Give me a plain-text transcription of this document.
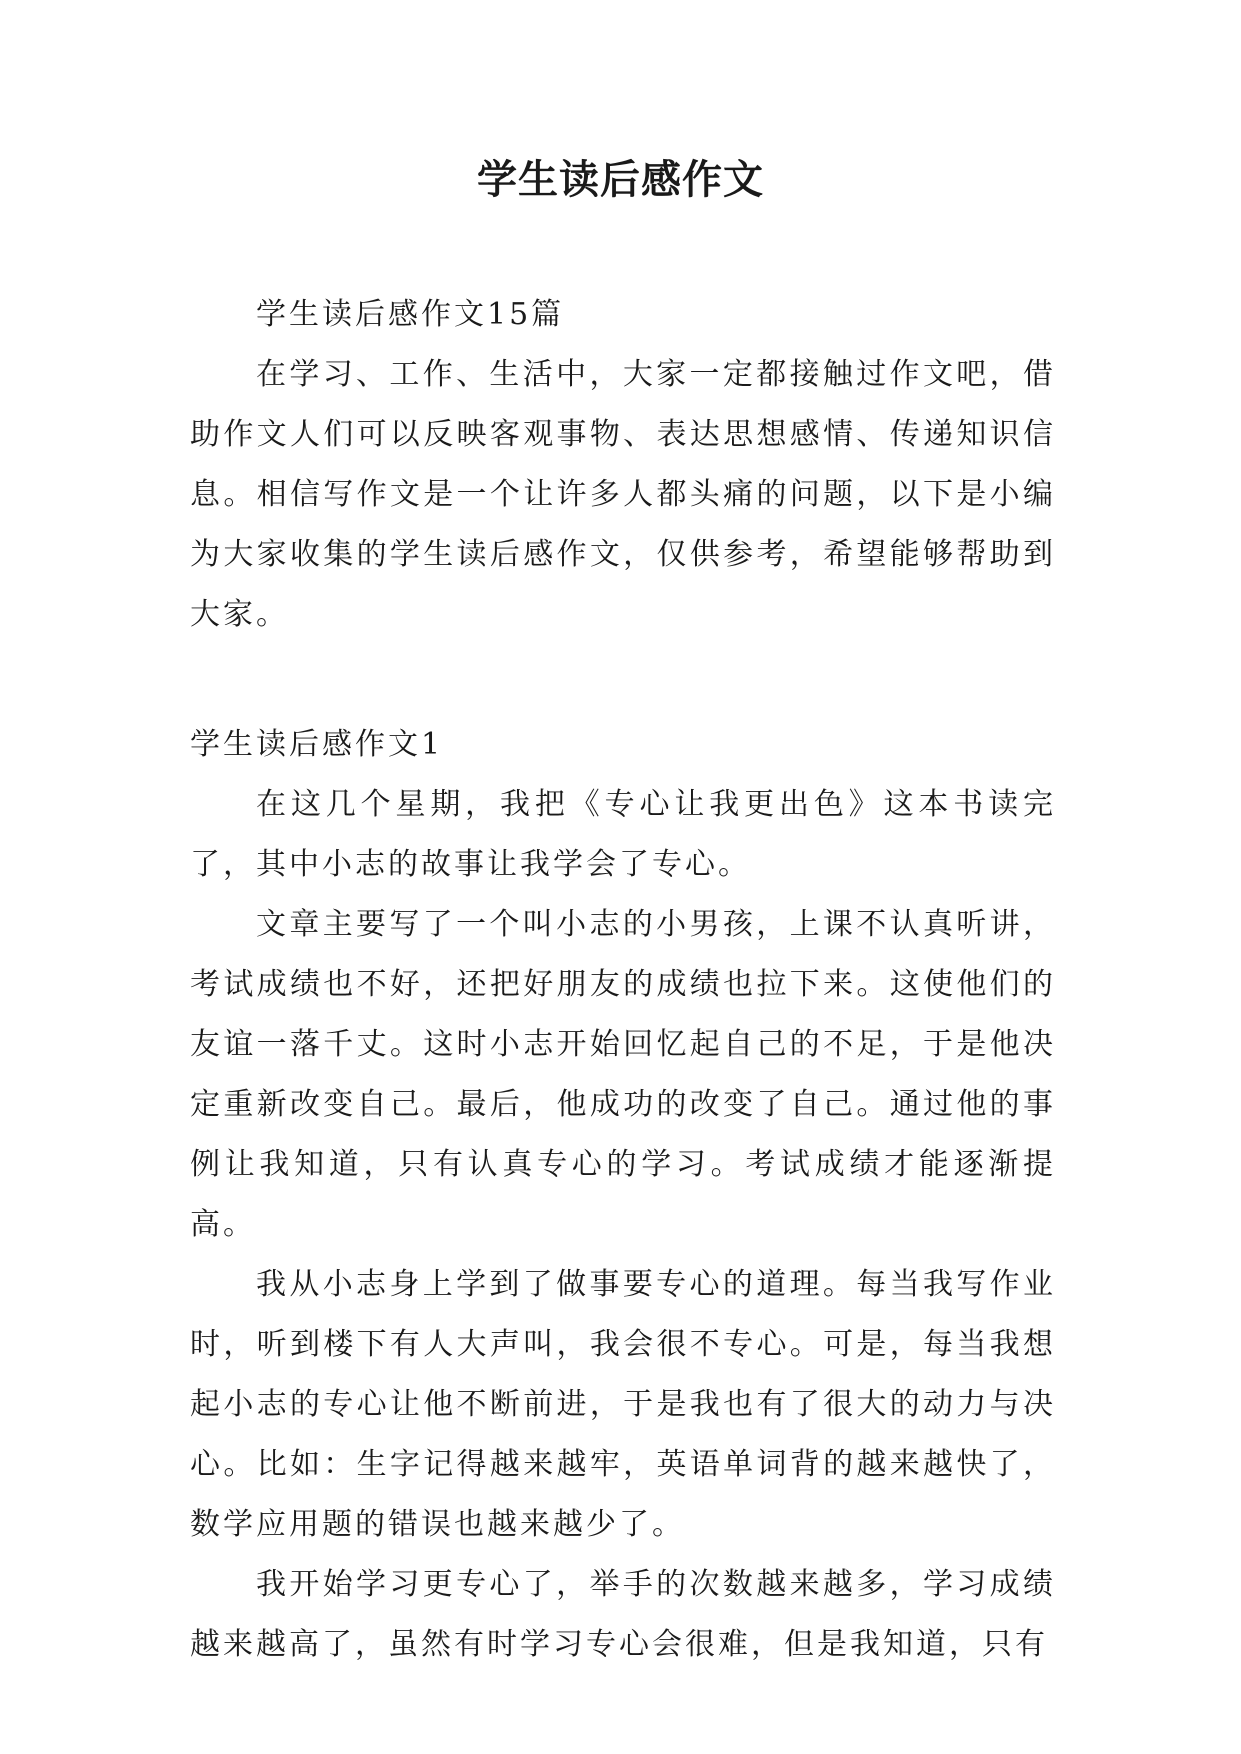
学生读后感作文

学生读后感作文15篇

在学习、工作、生活中，大家一定都接触过作文吧，借助作文人们可以反映客观事物、表达思想感情、传递知识信息。相信写作文是一个让许多人都头痛的问题，以下是小编为大家收集的学生读后感作文，仅供参考，希望能够帮助到大家。

学生读后感作文1

在这几个星期，我把《专心让我更出色》这本书读完了，其中小志的故事让我学会了专心。

文章主要写了一个叫小志的小男孩，上课不认真听讲，考试成绩也不好，还把好朋友的成绩也拉下来。这使他们的友谊一落千丈。这时小志开始回忆起自己的不足，于是他决定重新改变自己。最后，他成功的改变了自己。通过他的事例让我知道，只有认真专心的学习。考试成绩才能逐渐提高。

我从小志身上学到了做事要专心的道理。每当我写作业时，听到楼下有人大声叫，我会很不专心。可是，每当我想起小志的专心让他不断前进，于是我也有了很大的动力与决心。比如：生字记得越来越牢，英语单词背的越来越快了，数学应用题的错误也越来越少了。

我开始学习更专心了，举手的次数越来越多，学习成绩越来越高了，虽然有时学习专心会很难，但是我知道，只有
